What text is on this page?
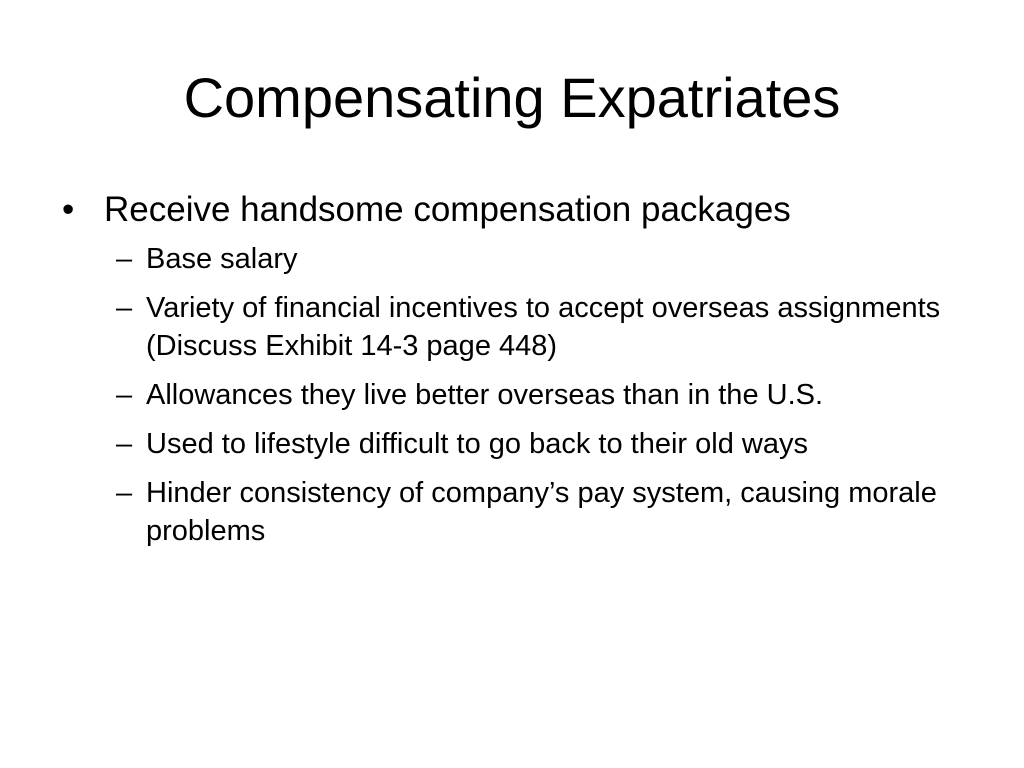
Compensating Expatriates
• Receive handsome compensation packages
– Base salary
– Variety of financial incentives to accept overseas assignments (Discuss Exhibit 14-3 page 448)
– Allowances they live better overseas than in the U.S.
– Used to lifestyle difficult to go back to their old ways
– Hinder consistency of company’s pay system, causing morale problems
